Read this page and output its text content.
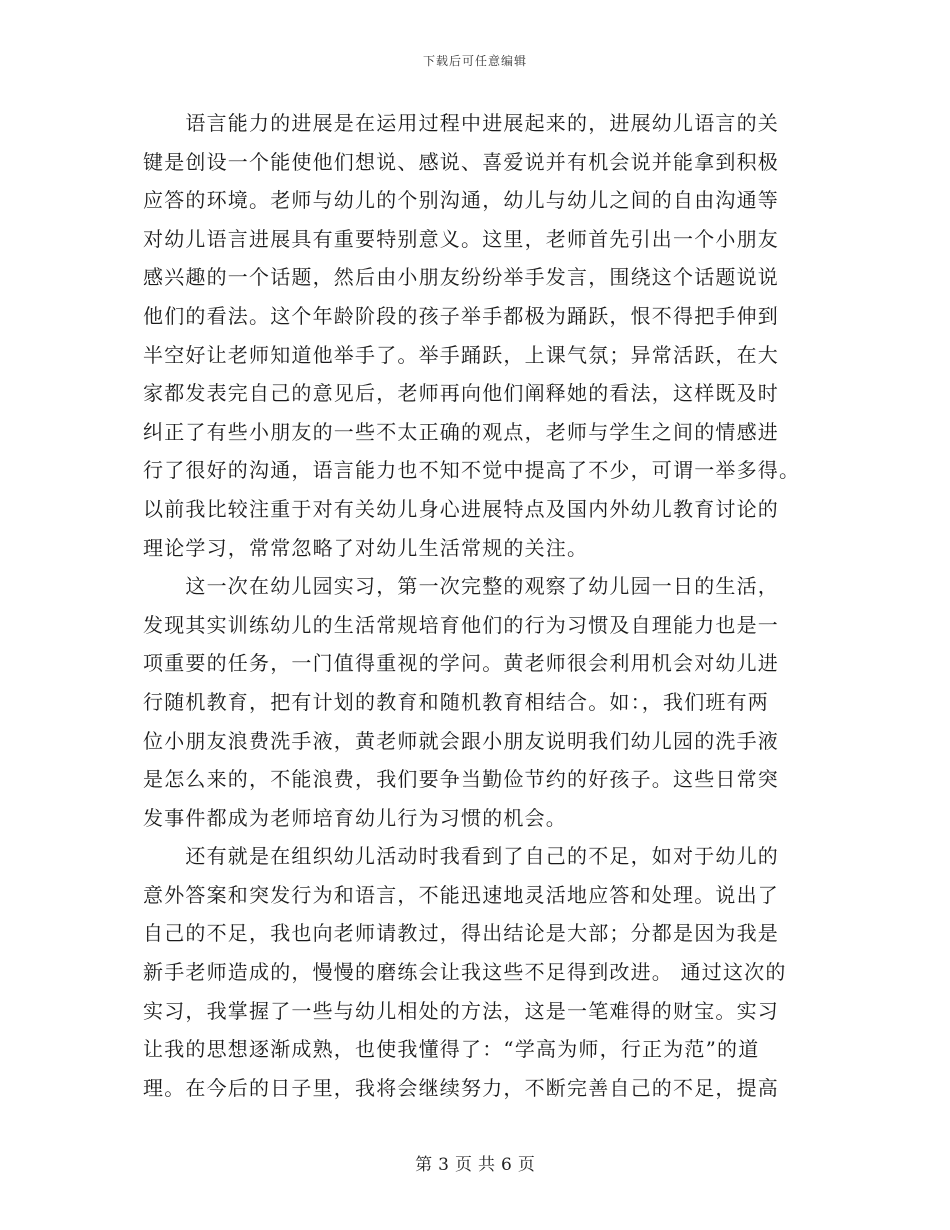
下载后可任意编辑
　　语言能力的进展是在运用过程中进展起来的，进展幼儿语言的关
键是创设一个能使他们想说、感说、喜爱说并有机会说并能拿到积极
应答的环境。老师与幼儿的个别沟通，幼儿与幼儿之间的自由沟通等
对幼儿语言进展具有重要特别意义。这里，老师首先引出一个小朋友
感兴趣的一个话题，然后由小朋友纷纷举手发言，围绕这个话题说说
他们的看法。这个年龄阶段的孩子举手都极为踊跃，恨不得把手伸到
半空好让老师知道他举手了。举手踊跃，上课气氛；异常活跃，在大
家都发表完自己的意见后，老师再向他们阐释她的看法，这样既及时
纠正了有些小朋友的一些不太正确的观点，老师与学生之间的情感进
行了很好的沟通，语言能力也不知不觉中提高了不少，可谓一举多得。
以前我比较注重于对有关幼儿身心进展特点及国内外幼儿教育讨论的
理论学习，常常忽略了对幼儿生活常规的关注。
　　这一次在幼儿园实习，第一次完整的观察了幼儿园一日的生活，
发现其实训练幼儿的生活常规培育他们的行为习惯及自理能力也是一
项重要的任务，一门值得重视的学问。黄老师很会利用机会对幼儿进
行随机教育，把有计划的教育和随机教育相结合。如：，我们班有两
位小朋友浪费洗手液，黄老师就会跟小朋友说明我们幼儿园的洗手液
是怎么来的，不能浪费，我们要争当勤俭节约的好孩子。这些日常突
发事件都成为老师培育幼儿行为习惯的机会。
　　还有就是在组织幼儿活动时我看到了自己的不足，如对于幼儿的
意外答案和突发行为和语言，不能迅速地灵活地应答和处理。说出了
自己的不足，我也向老师请教过，得出结论是大部；分都是因为我是
新手老师造成的，慢慢的磨练会让我这些不足得到改进。 通过这次的
实习，我掌握了一些与幼儿相处的方法，这是一笔难得的财宝。实习
让我的思想逐渐成熟，也使我懂得了：“学高为师，行正为范”的道
理。在今后的日子里，我将会继续努力，不断完善自己的不足，提高
第 3 页 共 6 页
